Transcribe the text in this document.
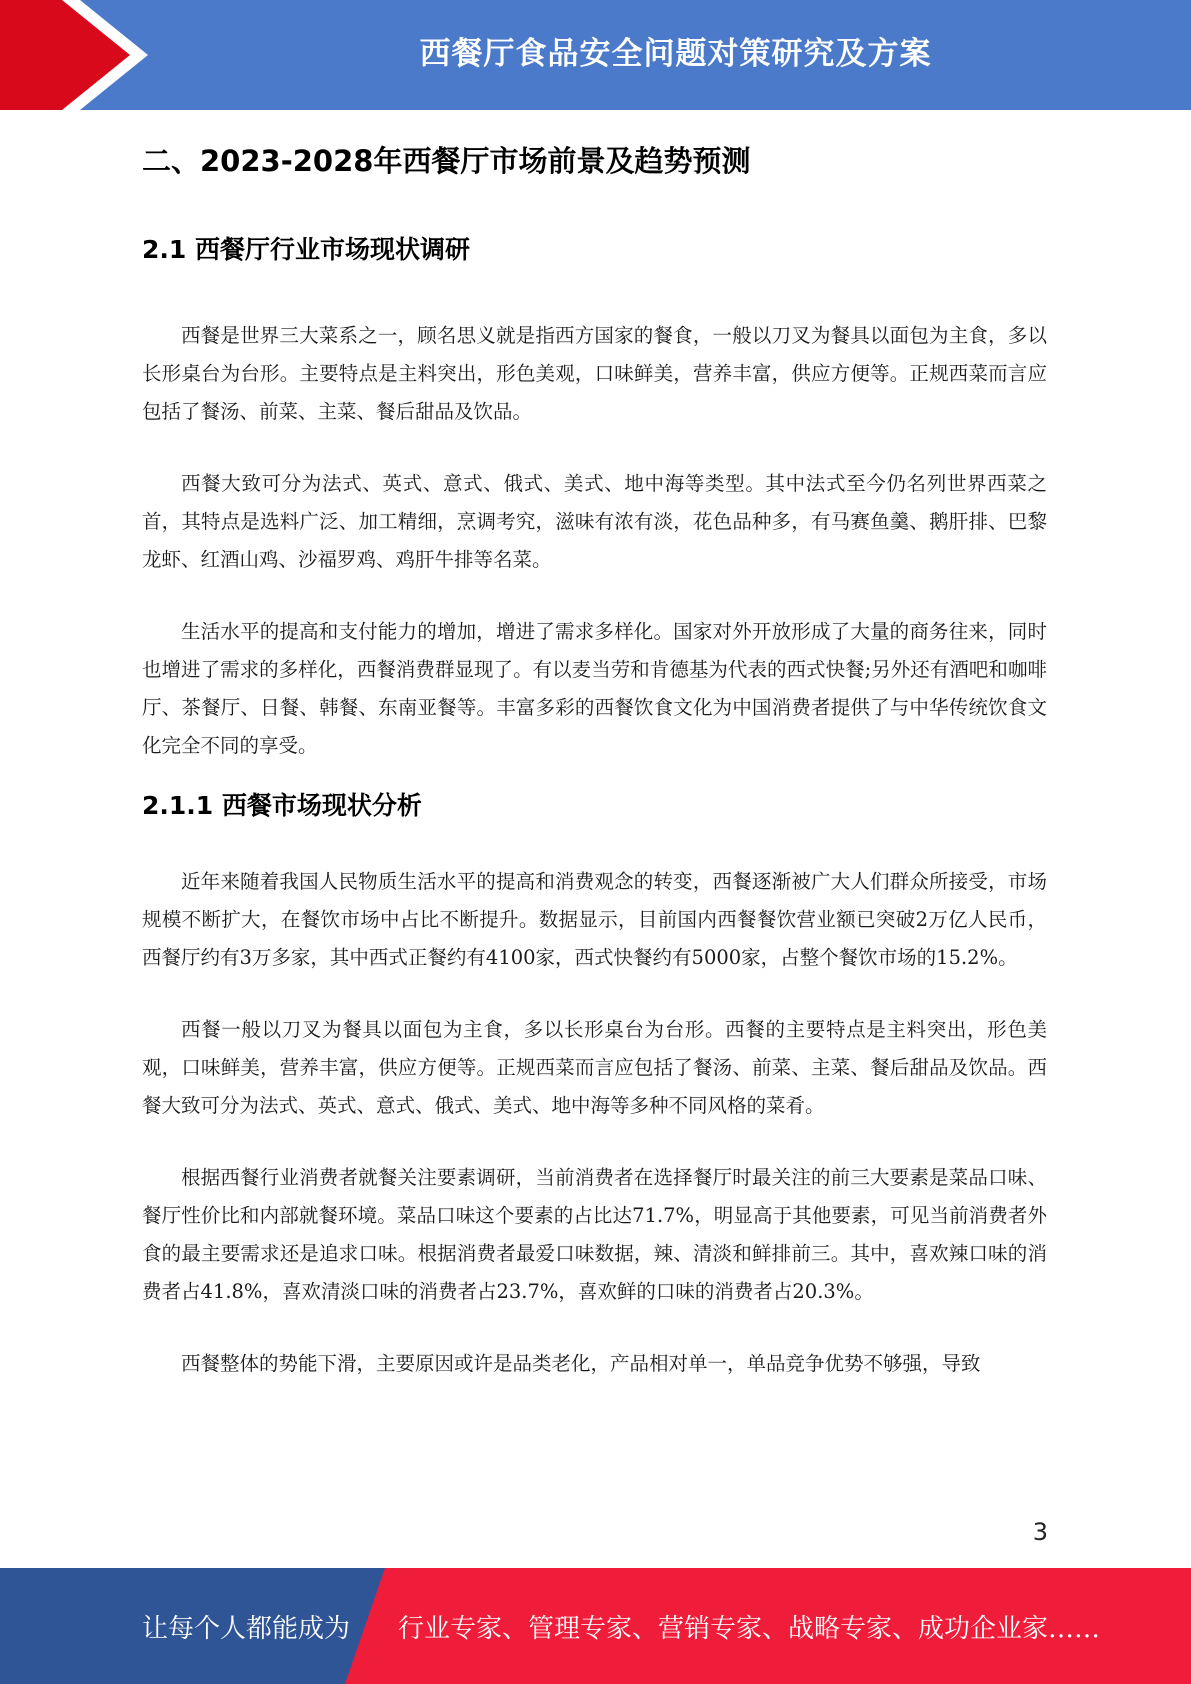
西餐厅食品安全问题对策研究及方案
二、2023-2028年西餐厅市场前景及趋势预测
2.1 西餐厅行业市场现状调研

西餐是世界三大菜系之一，顾名思义就是指西方国家的餐食，一般以刀叉为餐具以面包为主食，多以长形桌台为台形。主要特点是主料突出，形色美观，口味鲜美，营养丰富，供应方便等。正规西菜而言应包括了餐汤、前菜、主菜、餐后甜品及饮品。

西餐大致可分为法式、英式、意式、俄式、美式、地中海等类型。其中法式至今仍名列世界西菜之首，其特点是选料广泛、加工精细，烹调考究，滋味有浓有淡，花色品种多，有马赛鱼羹、鹅肝排、巴黎龙虾、红酒山鸡、沙福罗鸡、鸡肝牛排等名菜。

生活水平的提高和支付能力的增加，增进了需求多样化。国家对外开放形成了大量的商务往来，同时也增进了需求的多样化，西餐消费群显现了。有以麦当劳和肯德基为代表的西式快餐;另外还有酒吧和咖啡厅、茶餐厅、日餐、韩餐、东南亚餐等。丰富多彩的西餐饮食文化为中国消费者提供了与中华传统饮食文化完全不同的享受。

2.1.1 西餐市场现状分析

近年来随着我国人民物质生活水平的提高和消费观念的转变，西餐逐渐被广大人们群众所接受，市场规模不断扩大，在餐饮市场中占比不断提升。数据显示，目前国内西餐餐饮营业额已突破2万亿人民币，西餐厅约有3万多家，其中西式正餐约有4100家，西式快餐约有5000家，占整个餐饮市场的15.2%。

西餐一般以刀叉为餐具以面包为主食，多以长形桌台为台形。西餐的主要特点是主料突出，形色美观，口味鲜美，营养丰富，供应方便等。正规西菜而言应包括了餐汤、前菜、主菜、餐后甜品及饮品。西餐大致可分为法式、英式、意式、俄式、美式、地中海等多种不同风格的菜肴。

根据西餐行业消费者就餐关注要素调研，当前消费者在选择餐厅时最关注的前三大要素是菜品口味、餐厅性价比和内部就餐环境。菜品口味这个要素的占比达71.7%，明显高于其他要素，可见当前消费者外食的最主要需求还是追求口味。根据消费者最爱口味数据，辣、清淡和鲜排前三。其中，喜欢辣口味的消费者占41.8%，喜欢清淡口味的消费者占23.7%，喜欢鲜的口味的消费者占20.3%。

西餐整体的势能下滑，主要原因或许是品类老化，产品相对单一，单品竞争优势不够强，导致

3
让每个人都能成为 行业专家、管理专家、营销专家、战略专家、成功企业家……
